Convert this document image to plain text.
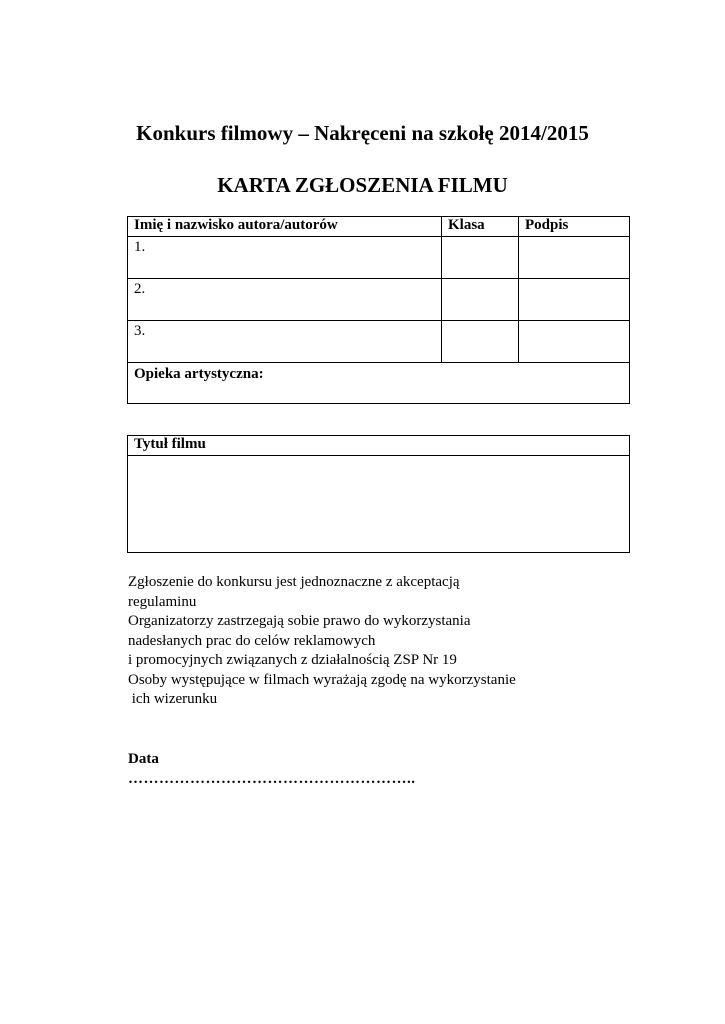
Konkurs filmowy – Nakręceni na szkołę 2014/2015
KARTA ZGŁOSZENIA FILMU
Imię i nazwisko autora/autorów	Klasa	Podpis
1.		
2.		
3.		
Opieka artystyczna:		
Tytuł filmu

Zgłoszenie do konkursu jest jednoznaczne z akceptacją
regulaminu
Organizatorzy zastrzegają sobie prawo do wykorzystania
nadesłanych prac do celów reklamowych
i promocyjnych związanych z działalnością ZSP Nr 19
Osoby występujące w filmach wyrażają zgodę na wykorzystanie
ich wizerunku

Data

………………………………………………..
